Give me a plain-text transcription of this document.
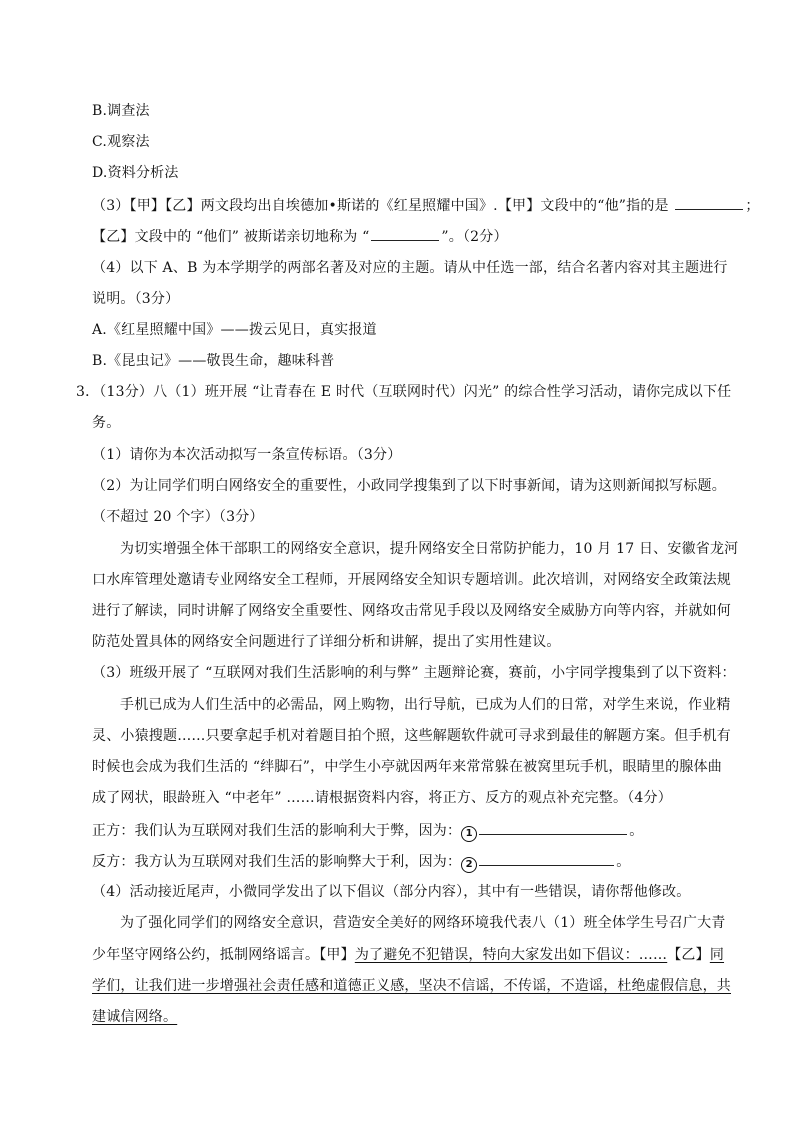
B.调查法
C.观察法
D.资料分析法
（3）【甲】【乙】两文段均出自埃德加•斯诺的《红星照耀中国》.【甲】文段中的“他”指的是	；
【乙】文段中的 “他们” 被斯诺亲切地称为 “	”。（2分）
（4）以下 A、B 为本学期学的两部名著及对应的主题。请从中任选一部，结合名著内容对其主题进行
说明。（3分）
A.《红星照耀中国》——拨云见日，真实报道
B.《昆虫记》——敬畏生命，趣味科普
3．（13分）八（1）班开展 “让青春在 E 时代（互联网时代）闪光” 的综合性学习活动，请你完成以下任
务。
（1）请你为本次活动拟写一条宣传标语。（3分）
（2）为让同学们明白网络安全的重要性，小政同学搜集到了以下时事新闻，请为这则新闻拟写标题。
（不超过 20 个字）（3分）
为切实增强全体干部职工的网络安全意识，提升网络安全日常防护能力，10 月 17 日、安徽省龙河
口水库管理处邀请专业网络安全工程师，开展网络安全知识专题培训。此次培训，对网络安全政策法规
进行了解读，同时讲解了网络安全重要性、网络攻击常见手段以及网络安全威胁方向等内容，并就如何
防范处置具体的网络安全问题进行了详细分析和讲解，提出了实用性建议。
（3）班级开展了 “互联网对我们生活影响的利与弊” 主题辩论赛，赛前，小宇同学搜集到了以下资料：
手机已成为人们生活中的必需品，网上购物，出行导航，已成为人们的日常，对学生来说，作业精
灵、小猿搜题……只要拿起手机对着题目拍个照，这些解题软件就可寻求到最佳的解题方案。但手机有
时候也会成为我们生活的 “绊脚石”，中学生小亭就因两年来常常躲在被窝里玩手机，眼睛里的腺体曲
成了网状，眼龄班入 “中老年” ……请根据资料内容，将正方、反方的观点补充完整。（4分）
正方：我们认为互联网对我们生活的影响利大于弊，因为： 1	。
反方：我方认为互联网对我们生活的影响弊大于利，因为： 2	。
（4）活动接近尾声，小微同学发出了以下倡议（部分内容），其中有一些错误，请你帮他修改。
为了强化同学们的网络安全意识，营造安全美好的网络环境我代表八（1）班全体学生号召广大青
少年坚守网络公约，抵制网络谣言。【甲】为了避免不犯错误，特向大家发出如下倡议：……【乙】同
学们，让我们进一步增强社会责任感和道德正义感，坚决不信谣，不传谣，不造谣，杜绝虚假信息，共
建诚信网络。
